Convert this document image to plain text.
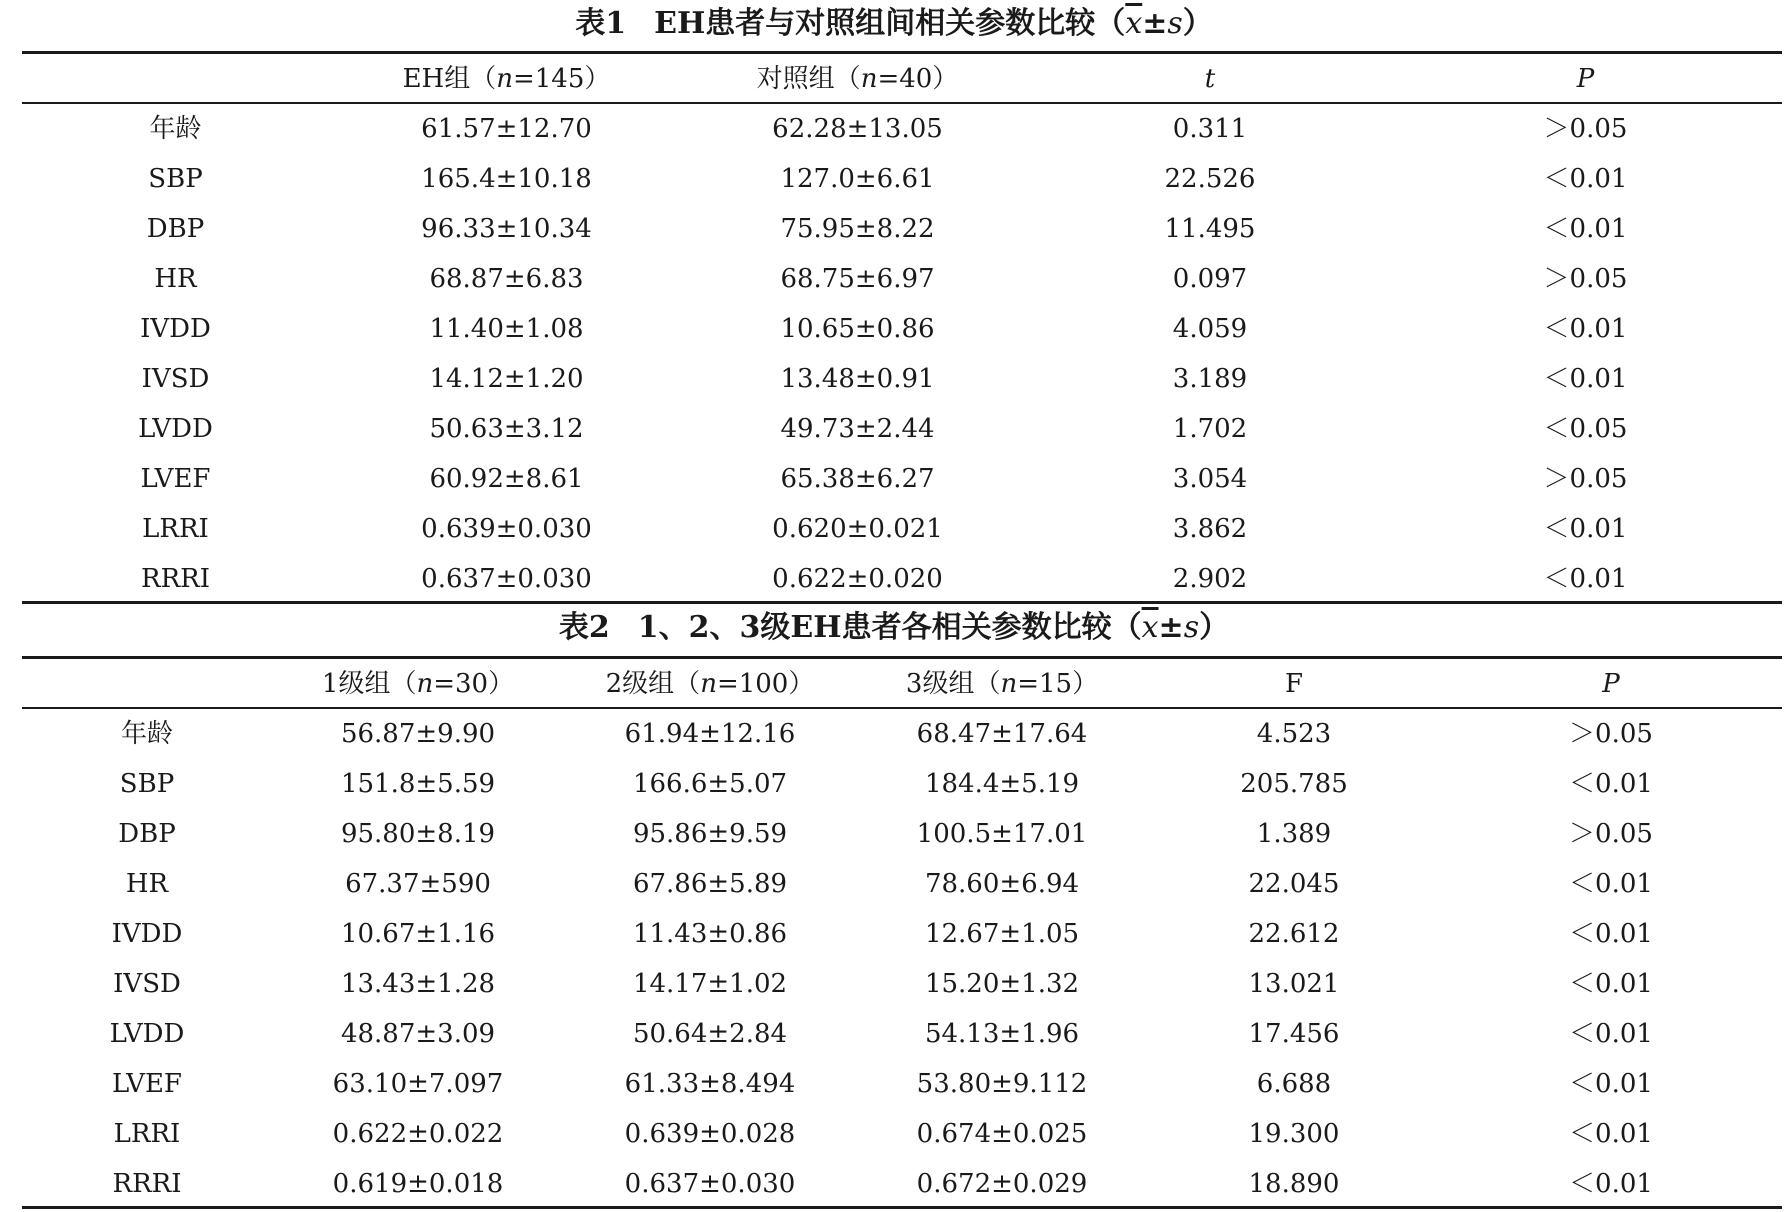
表1 EH患者与对照组间相关参数比较$(\overline{x}\pm s)$
	EH组（n=145）	对照组（n=40）	t	P
年龄	61.57±12.70	62.28±13.05	0.311	＞0.05
SBP	165.4±10.18	127.0±6.61	22.526	＜0.01
DBP	96.33±10.34	75.95±8.22	11.495	＜0.01
HR	68.87±6.83	68.75±6.97	0.097	＞0.05
IVDD	11.40±1.08	10.65±0.86	4.059	＜0.01
IVSD	14.12±1.20	13.48±0.91	3.189	＜0.01
LVDD	50.63±3.12	49.73±2.44	1.702	＜0.05
LVEF	60.92±8.61	65.38±6.27	3.054	＞0.05
LRRI	0.639±0.030	0.620±0.021	3.862	＜0.01
RRRI	0.637±0.030	0.622±0.020	2.902	＜0.01
表2 1、2、3级EH患者各相关参数比较$(\overline{x}\pm s)$
	1级组（n=30）	2级组（n=100）	3级组（n=15）	F	P
年龄	56.87±9.90	61.94±12.16	68.47±17.64	4.523	＞0.05
SBP	151.8±5.59	166.6±5.07	184.4±5.19	205.785	＜0.01
DBP	95.80±8.19	95.86±9.59	100.5±17.01	1.389	＞0.05
HR	67.37±590	67.86±5.89	78.60±6.94	22.045	＜0.01
IVDD	10.67±1.16	11.43±0.86	12.67±1.05	22.612	＜0.01
IVSD	13.43±1.28	14.17±1.02	15.20±1.32	13.021	＜0.01
LVDD	48.87±3.09	50.64±2.84	54.13±1.96	17.456	＜0.01
LVEF	63.10±7.097	61.33±8.494	53.80±9.112	6.688	＜0.01
LRRI	0.622±0.022	0.639±0.028	0.674±0.025	19.300	＜0.01
RRRI	0.619±0.018	0.637±0.030	0.672±0.029	18.890	＜0.01
